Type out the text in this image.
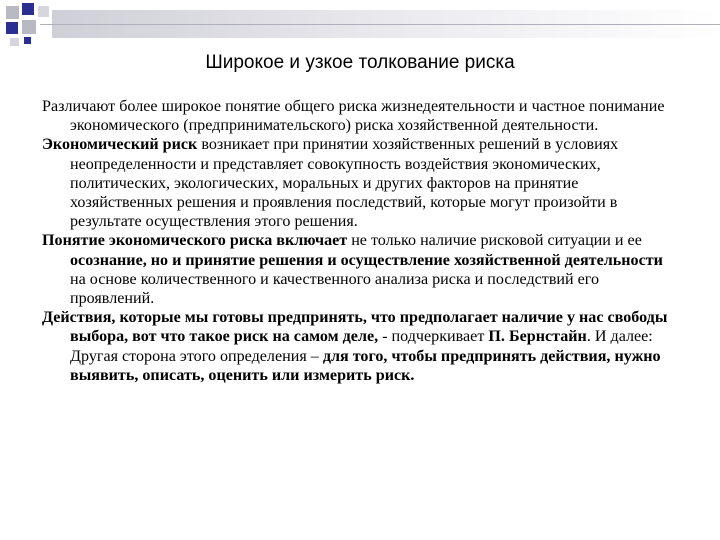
Широкое и узкое толкование риска

Различают более широкое понятие общего риска жизнедеятельности и частное понимание экономического (предпринимательского) риска хозяйственной деятельности.

Экономический риск возникает при принятии хозяйственных решений в условиях неопределенности и представляет совокупность воздействия экономических, политических, экологических, моральных и других факторов на принятие хозяйственных решения и проявления последствий, которые могут произойти в результате осуществления этого решения.

Понятие экономического риска включает не только наличие рисковой ситуации и ее осознание, но и принятие решения и осуществление хозяйственной деятельности на основе количественного и качественного анализа риска и последствий его проявлений.

Действия, которые мы готовы предпринять, что предполагает наличие у нас свободы выбора, вот что такое риск на самом деле, - подчеркивает П. Бернстайн. И далее: Другая сторона этого определения – для того, чтобы предпринять действия, нужно выявить, описать, оценить или измерить риск.
